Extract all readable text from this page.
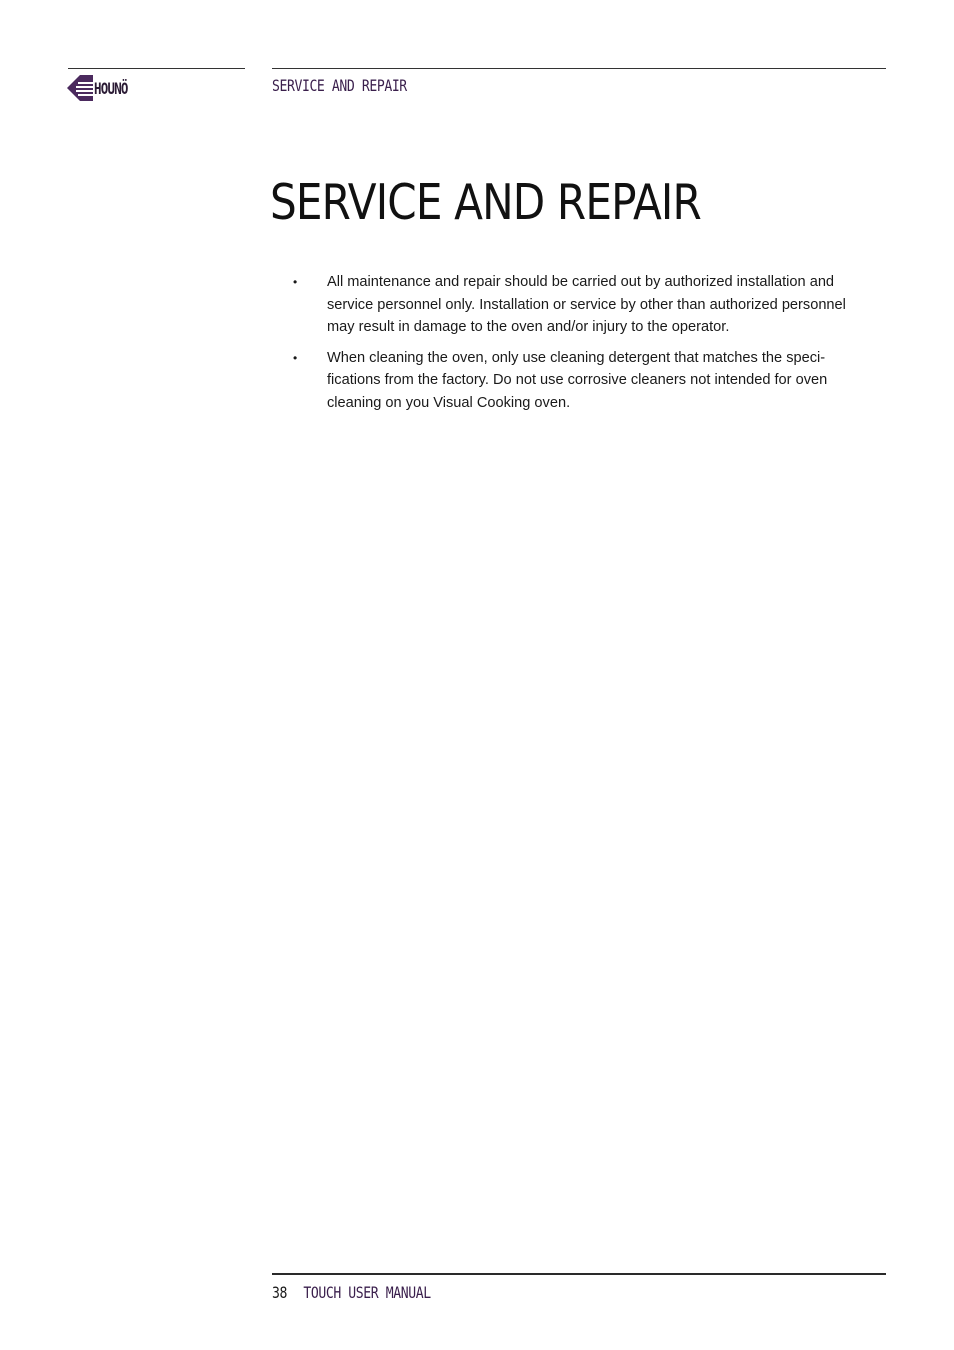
HOUNÖ	SERVICE AND REPAIR
SERVICE AND REPAIR
• All maintenance and repair should be carried out by authorized installation and service personnel only. Installation or service by other than authorized personnel may result in damage to the oven and/or injury to the operator.
• When cleaning the oven, only use cleaning detergent that matches the speci-fications from the factory. Do not use corrosive cleaners not intended for oven cleaning on you Visual Cooking oven.
38 TOUCH USER MANUAL
